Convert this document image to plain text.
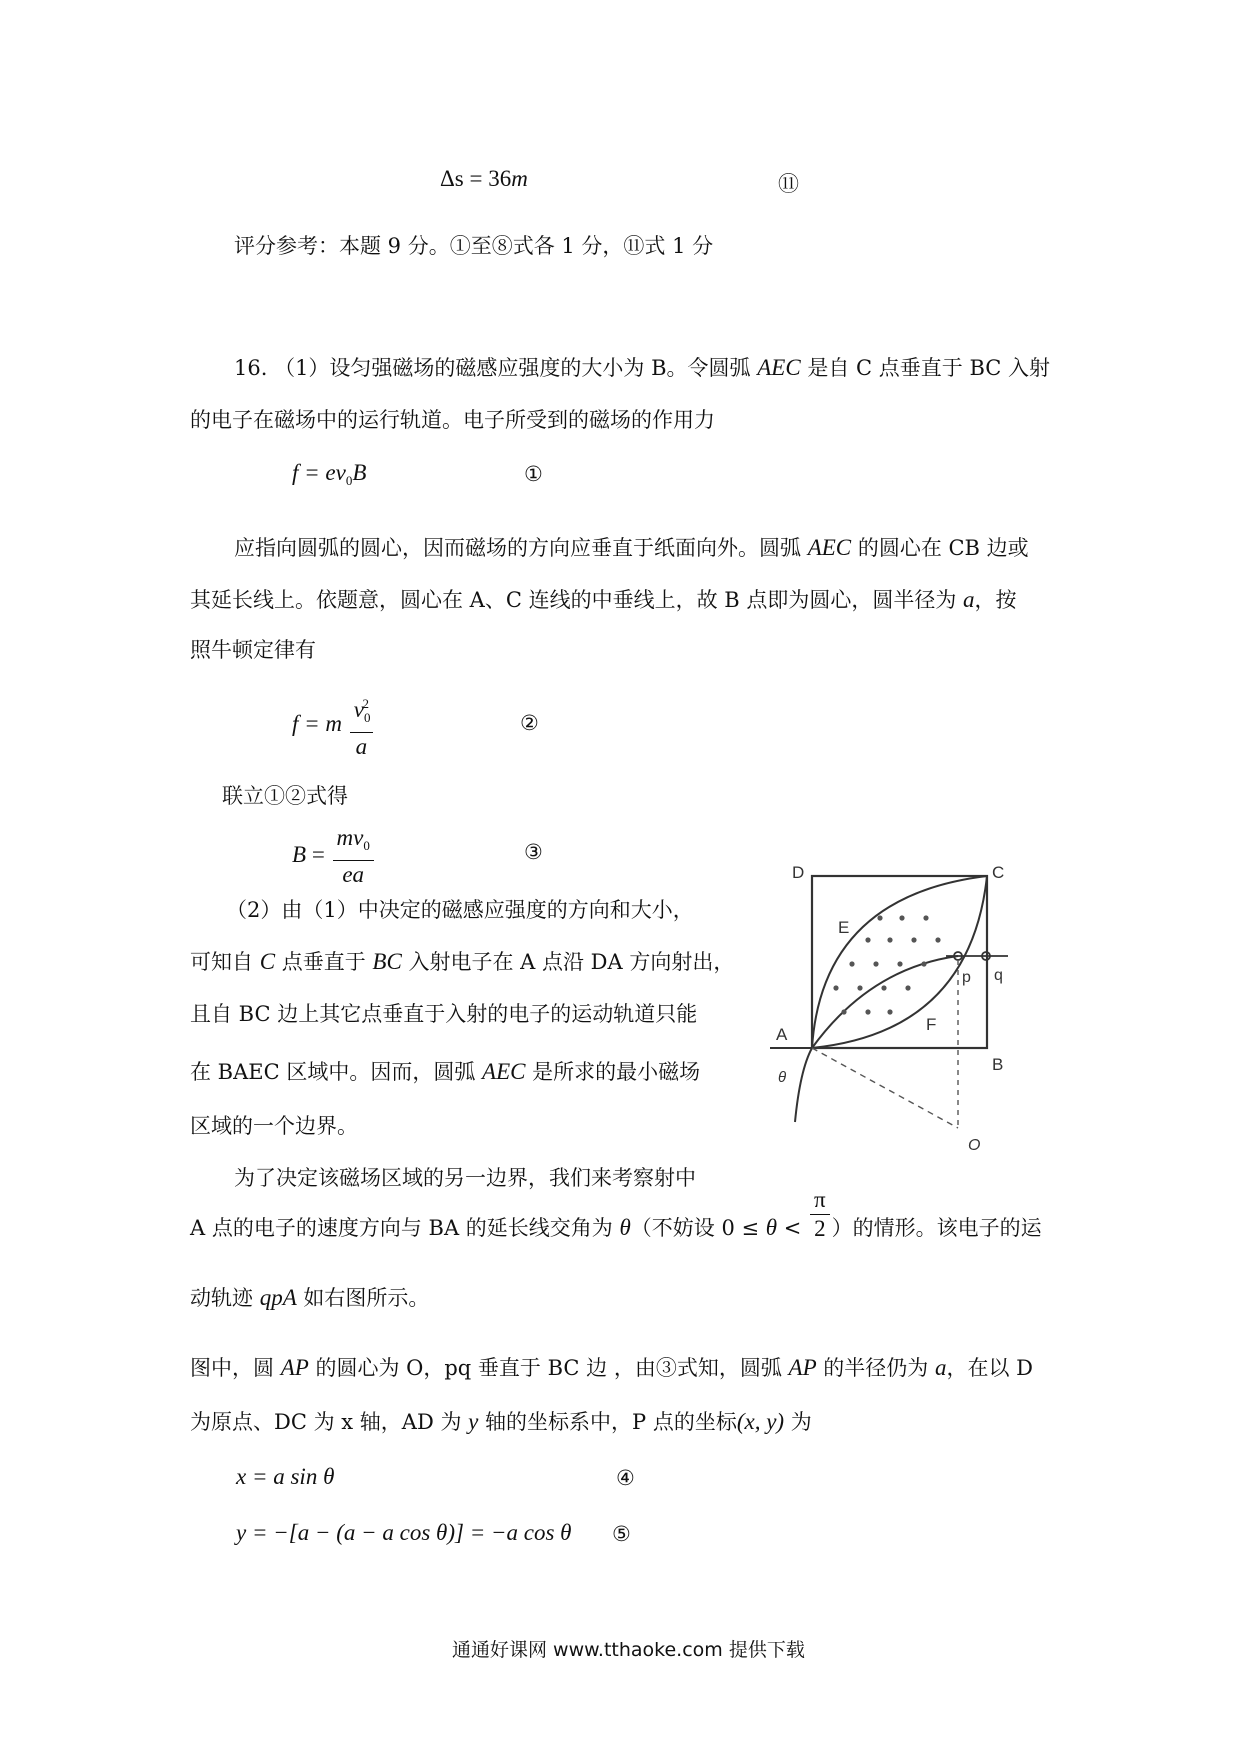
Δs = 36m	⑪
评分参考：本题 9 分。①至⑧式各 1 分，⑪式 1 分
16. （1）设匀强磁场的磁感应强度的大小为 B。令圆弧 AEC 是自 C 点垂直于 BC 入射
的电子在磁场中的运行轨道。电子所受到的磁场的作用力
$f = ev_0B$	①
应指向圆弧的圆心，因而磁场的方向应垂直于纸面向外。圆弧 AEC 的圆心在 CB 边或
其延长线上。依题意，圆心在 A、C 连线的中垂线上，故 B 点即为圆心，圆半径为 a，按
照牛顿定律有
f = m $\frac{v_0^2}{a}$	②
联立①②式得
$B = \frac{mv_0}{ea}$	③
（2）由（1）中决定的磁感应强度的方向和大小，
可知自 C 点垂直于 BC 入射电子在 A 点沿 DA 方向射出，
且自 BC 边上其它点垂直于入射的电子的运动轨道只能
在 BAEC 区域中。因而，圆弧 AEC 是所求的最小磁场
区域的一个边界。
为了决定该磁场区域的另一边界，我们来考察射中
A 点的电子的速度方向与 BA 的延长线交角为 θ（不妨设 $0 \le \theta < \frac{\pi}{2}$ ）的情形。该电子的运
动轨迹 qpA 如右图所示。
图中，圆 AP 的圆心为 O，pq 垂直于 BC 边 ，由③式知，圆弧 AP 的半径仍为 a，在以 D
为原点、DC 为 x 轴，AD 为 y 轴的坐标系中，P 点的坐标(x, y) 为
x = a sin θ	④
y = −[a − (a − a cos θ)] = −a cos θ ⑤
D	C
E
A
B
F
p q
O
θ
通通好课网 www.tthaoke.com 提供下载
